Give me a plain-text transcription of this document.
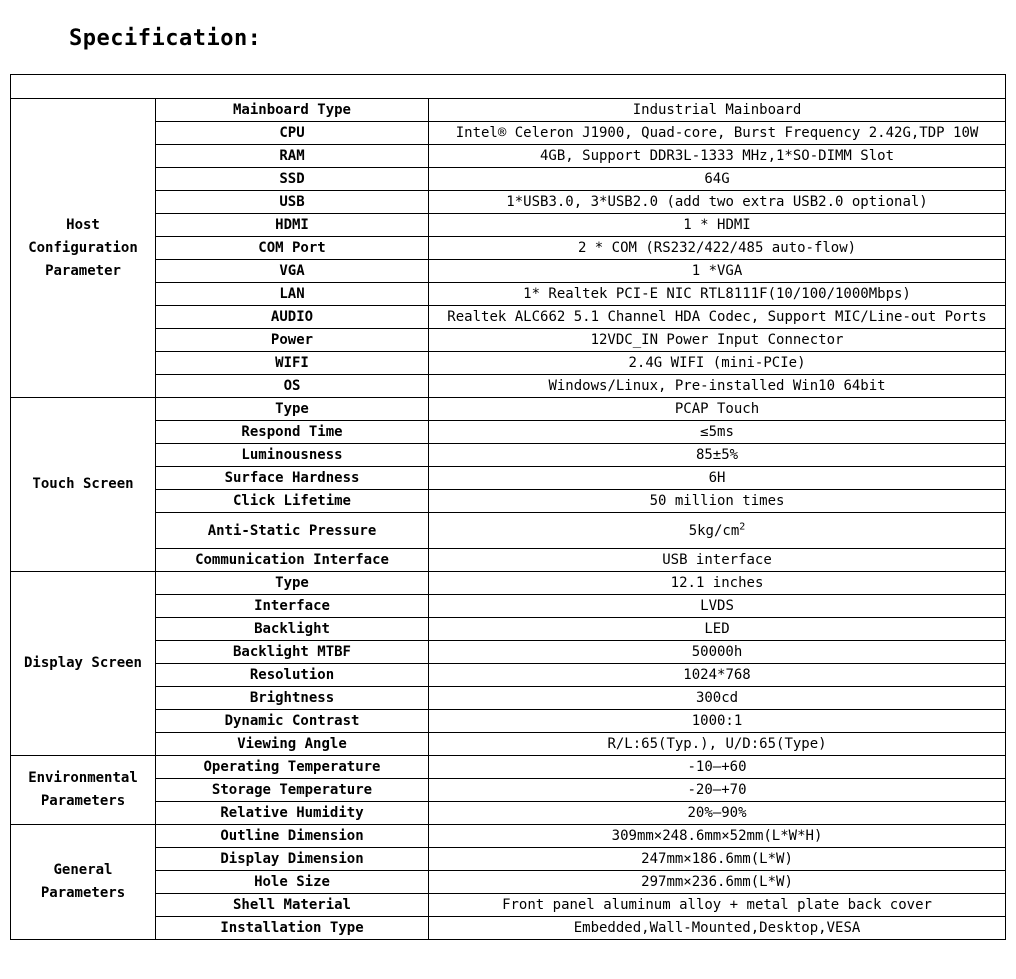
Specification:

Host Configuration Parameter	Mainboard Type	Industrial Mainboard
	CPU	Intel® Celeron J1900, Quad-core, Burst Frequency 2.42G,TDP 10W
	RAM	4GB, Support DDR3L-1333 MHz,1*SO-DIMM Slot
	SSD	64G
	USB	1*USB3.0, 3*USB2.0 (add two extra USB2.0 optional)
	HDMI	1 * HDMI
	COM Port	2 * COM (RS232/422/485 auto-flow)
	VGA	1 *VGA
	LAN	1* Realtek PCI-E NIC RTL8111F(10/100/1000Mbps)
	AUDIO	Realtek ALC662 5.1 Channel HDA Codec, Support MIC/Line-out Ports
	Power	12VDC_IN Power Input Connector
	WIFI	2.4G WIFI (mini-PCIe)
	OS	Windows/Linux, Pre-installed Win10 64bit
Touch Screen	Type	PCAP Touch
	Respond Time	≤5ms
	Luminousness	85±5%
	Surface Hardness	6H
	Click Lifetime	50 million times
	Anti-Static Pressure	$5kg/cm^2$
	Communication Interface	USB interface
Display Screen	Type	12.1 inches
	Interface	LVDS
	Backlight	LED
	Backlight MTBF	50000h
	Resolution	1024*768
	Brightness	300cd
	Dynamic Contrast	1000:1
	Viewing Angle	R/L:65(Typ.), U/D:65(Type)
Environmental Parameters	Operating Temperature	-10—+60
	Storage Temperature	-20—+70
	Relative Humidity	20%—90%
General Parameters	Outline Dimension	309mm×248.6mm×52mm(L*W*H)
	Display Dimension	247mm×186.6mm(L*W)
	Hole Size	297mm×236.6mm(L*W)
	Shell Material	Front panel aluminum alloy + metal plate back cover
	Installation Type	Embedded,Wall-Mounted,Desktop,VESA
